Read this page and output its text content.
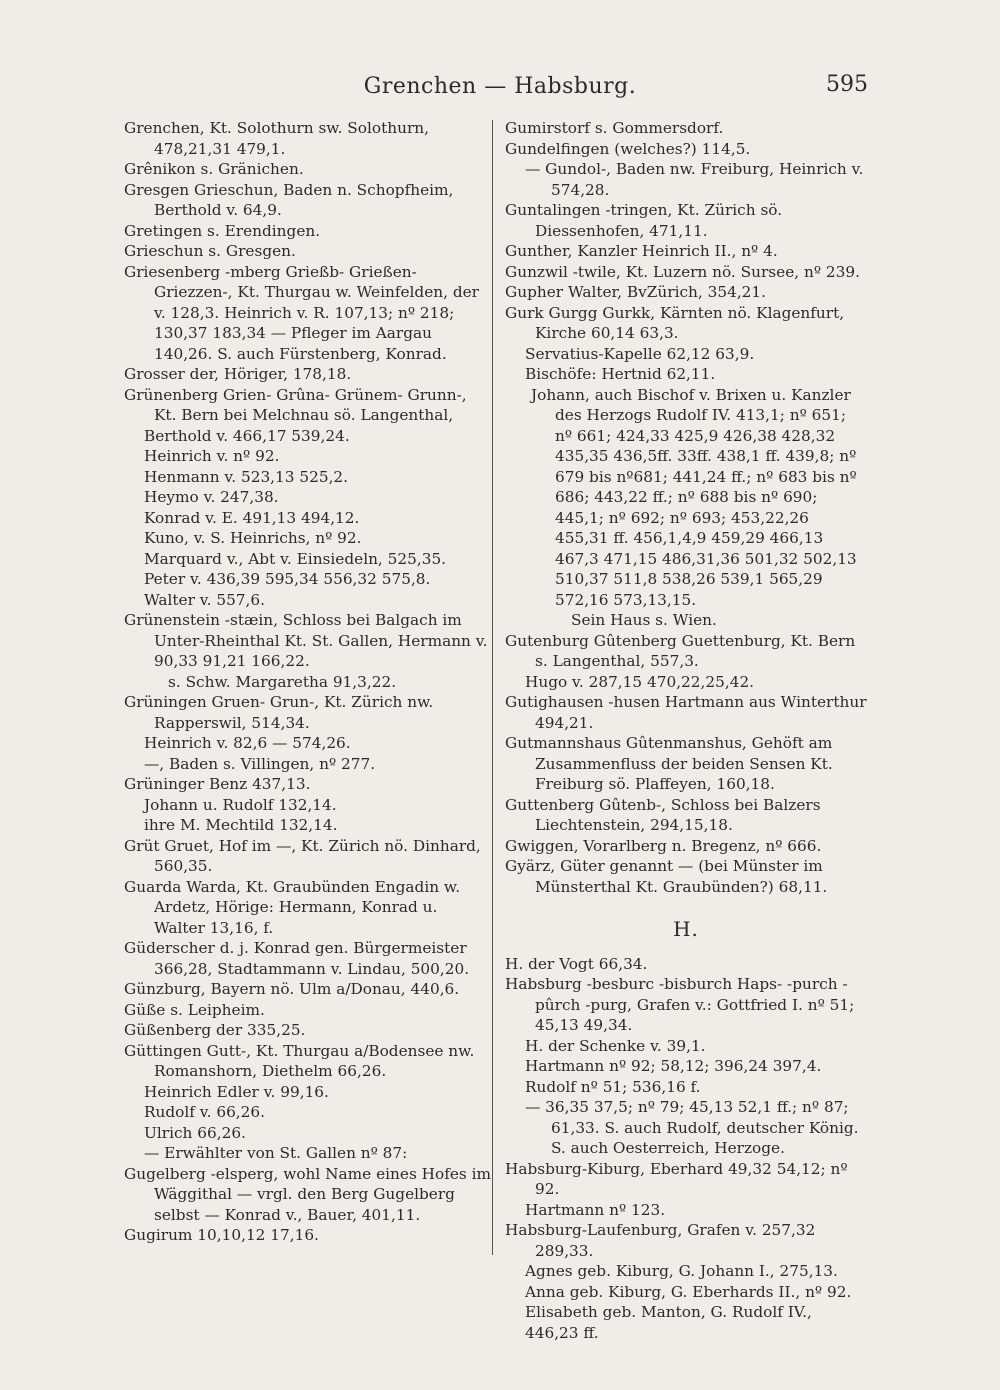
Grenchen — Habsburg.	595

Grenchen, Kt. Solothurn sw. Solothurn, 478,21,31 479,1.

Grênikon s. Gränichen.

Gresgen Grieschun, Baden n. Schopfheim, Berthold v. 64,9.

Gretingen s. Erendingen.

Grieschun s. Gresgen.

Griesenberg -mberg Grießb- Grießen- Griezzen-, Kt. Thurgau w. Weinfelden, der v. 128,3. Heinrich v. R. 107,13; nº 218; 130,37 183,34 — Pfleger im Aargau 140,26. S. auch Fürstenberg, Konrad.

Grosser der, Höriger, 178,18.

Grünenberg Grien- Grûna- Grünem- Grunn-, Kt. Bern bei Melchnau sö. Langenthal,

Berthold v. 466,17 539,24.

Heinrich v. nº 92.

Henmann v. 523,13 525,2.

Heymo v. 247,38.

Konrad v. E. 491,13 494,12.

Kuno, v. S. Heinrichs, nº 92.

Marquard v., Abt v. Einsiedeln, 525,35.

Peter v. 436,39 595,34 556,32 575,8.

Walter v. 557,6.

Grünenstein -stæin, Schloss bei Balgach im Unter-Rheinthal Kt. St. Gallen, Hermann v. 90,33 91,21 166,22.

s. Schw. Margaretha 91,3,22.

Grüningen Gruen- Grun-, Kt. Zürich nw. Rapperswil, 514,34.

Heinrich v. 82,6 — 574,26.

—, Baden s. Villingen, nº 277.

Grüninger Benz 437,13.

Johann u. Rudolf 132,14.

ihre M. Mechtild 132,14.

Grüt Gruet, Hof im —, Kt. Zürich nö. Dinhard, 560,35.

Guarda Warda, Kt. Graubünden Engadin w. Ardetz, Hörige: Hermann, Konrad u. Walter 13,16, f.

Güderscher d. j. Konrad gen. Bürgermeister 366,28, Stadtammann v. Lindau, 500,20.

Günzburg, Bayern nö. Ulm a/Donau, 440,6.

Güße s. Leipheim.

Güßenberg der 335,25.

Güttingen Gutt-, Kt. Thurgau a/Bodensee nw. Romanshorn, Diethelm 66,26.

Heinrich Edler v. 99,16.

Rudolf v. 66,26.

Ulrich 66,26.

— Erwählter von St. Gallen nº 87:

Gugelberg -elsperg, wohl Name eines Hofes im Wäggithal — vrgl. den Berg Gugelberg selbst — Konrad v., Bauer, 401,11.

Gugirum 10,10,12 17,16.

Gumirstorf s. Gommersdorf.

Gundelfingen (welches?) 114,5.

— Gundol-, Baden nw. Freiburg, Heinrich v. 574,28.

Guntalingen -tringen, Kt. Zürich sö. Diessenhofen, 471,11.

Gunther, Kanzler Heinrich II., nº 4.

Gunzwil -twile, Kt. Luzern nö. Sursee, nº 239.

Gupher Walter, BvZürich, 354,21.

Gurk Gurgg Gurkk, Kärnten nö. Klagenfurt, Kirche 60,14 63,3.

Servatius-Kapelle 62,12 63,9.

Bischöfe: Hertnid 62,11.

Johann, auch Bischof v. Brixen u. Kanzler des Herzogs Rudolf IV. 413,1; nº 651; nº 661; 424,33 425,9 426,38 428,32 435,35 436,5ff. 33ff. 438,1 ff. 439,8; nº 679 bis nº681; 441,24 ff.; nº 683 bis nº 686; 443,22 ff.; nº 688 bis nº 690; 445,1; nº 692; nº 693; 453,22,26 455,31 ff. 456,1,4,9 459,29 466,13 467,3 471,15 486,31,36 501,32 502,13 510,37 511,8 538,26 539,1 565,29 572,16 573,13,15.

Sein Haus s. Wien.

Gutenburg Gûtenberg Guettenburg, Kt. Bern s. Langenthal, 557,3.

Hugo v. 287,15 470,22,25,42.

Gutighausen -husen Hartmann aus Winterthur 494,21.

Gutmannshaus Gûtenmanshus, Gehöft am Zusammenfluss der beiden Sensen Kt. Freiburg sö. Plaffeyen, 160,18.

Guttenberg Gûtenb-, Schloss bei Balzers Liechtenstein, 294,15,18.

Gwiggen, Vorarlberg n. Bregenz, nº 666.

Gyärz, Güter genannt — (bei Münster im Münsterthal Kt. Graubünden?) 68,11.

H.

H. der Vogt 66,34.

Habsburg -besburc -bisburch Haps- -purch -pûrch -purg, Grafen v.: Gottfried I. nº 51; 45,13 49,34.

H. der Schenke v. 39,1.

Hartmann nº 92; 58,12; 396,24 397,4.

Rudolf nº 51; 536,16 f.

— 36,35 37,5; nº 79; 45,13 52,1 ff.; nº 87; 61,33. S. auch Rudolf, deutscher König. S. auch Oesterreich, Herzoge.

Habsburg-Kiburg, Eberhard 49,32 54,12; nº 92.

Hartmann nº 123.

Habsburg-Laufenburg, Grafen v. 257,32 289,33.

Agnes geb. Kiburg, G. Johann I., 275,13.

Anna geb. Kiburg, G. Eberhards II., nº 92.

Elisabeth geb. Manton, G. Rudolf IV., 446,23 ff.
